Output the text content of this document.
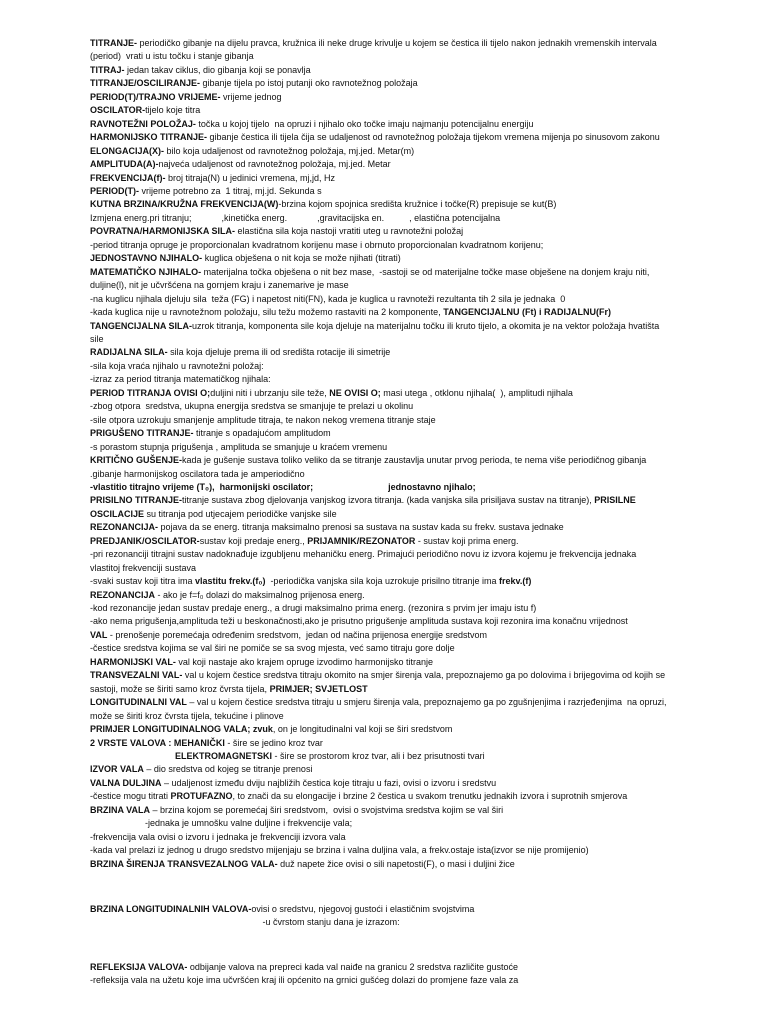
TITRANJE- periodičko gibanje na dijelu pravca, kružnica ili neke druge krivulje u kojem se čestica ili tijelo nakon jednakih vremenskih intervala

(period)  vrati u istu točku i stanje gibanja

TITRAJ- jedan takav ciklus, dio gibanja koji se ponavlja

TITRANJE/OSCILIRANJE- gibanje tijela po istoj putanji oko ravnotežnog položaja

PERIOD(T)/TRAJNO VRIJEME- vrijeme jednog

OSCILATOR-tijelo koje titra

RAVNOTEŽNI POLOŽAJ- točka u kojoj tijelo  na opruzi i njihalo oko točke imaju najmanju potencijalnu energiju

HARMONIJSKO TITRANJE- gibanje čestica ili tijela čija se udaljenost od ravnotežnog položaja tijekom vremena mijenja po sinusovom zakonu

ELONGACIJA(X)- bilo koja udaljenost od ravnotežnog položaja, mj.jed. Metar(m)

AMPLITUDA(A)-najveća udaljenost od ravnotežnog položaja, mj.jed. Metar

FREKVENCIJA(f)- broj titraja(N) u jedinici vremena, mj,jd, Hz

PERIOD(T)- vrijeme potrebno za  1 titraj, mj.jd. Sekunda s

KUTNA BRZINA/KRUŽNA FREKVENCIJA(W)-brzina kojom spojnica središta kružnice i točke(R) prepisuje se kut(B)

Izmjena energ.pri titranju;            ,kinetička energ.            ,gravitacijska en.          , elastična potencijalna

POVRATNA/HARMONIJSKA SILA- elastična sila koja nastoji vratiti uteg u ravnotežni položaj

-period titranja opruge je proporcionalan kvadratnom korijenu mase i obrnuto proporcionalan kvadratnom korijenu;

JEDNOSTAVNO NJIHALO- kuglica obješena o nit koja se može njihati (titrati)

MATEMATIČKO NJIHALO- materijalna točka obješena o nit bez mase,  -sastoji se od materijalne točke mase obješene na donjem kraju niti,

duljine(l), nit je učvršćena na gornjem kraju i zanemarive je mase

-na kuglicu njihala djeluju sila  teža (FG) i napetost niti(FN), kada je kuglica u ravnoteži rezultanta tih 2 sila je jednaka  0

-kada kuglica nije u ravnotežnom položaju, silu težu možemo rastaviti na 2 komponente, TANGENCIJALNU (Ft) i RADIJALNU(Fr)

TANGENCIJALNA SILA-uzrok titranja, komponenta sile koja djeluje na materijalnu točku ili kruto tijelo, a okomita je na vektor položaja hvatišta

sile

RADIJALNA SILA- sila koja djeluje prema ili od središta rotacije ili simetrije

-sila koja vraća njihalo u ravnotežni položaj:

-izraz za period titranja matematičkog njihala:

PERIOD TITRANJA OVISI O;duljini niti i ubrzanju sile teže, NE OVISI O; masi utega , otklonu njihala(  ), amplitudi njihala

-zbog otpora  sredstva, ukupna energija sredstva se smanjuje te prelazi u okolinu

-sile otpora uzrokuju smanjenje amplitude titraja, te nakon nekog vremena titranje staje

PRIGUŠENO TITRANJE- titranje s opadajućom amplitudom

-s porastom stupnja prigušenja , amplituda se smanjuje u kraćem vremenu

KRITIČNO GUŠENJE-kada je gušenje sustava toliko veliko da se titranje zaustavlja unutar prvog perioda, te nema više periodičnog gibanja

.gibanje harmonijskog oscilatora tada je amperiodično

-vlastitio titrajno vrijeme (T₀),  harmonijski oscilator;                              jednostavno njihalo;

PRISILNO TITRANJE-titranje sustava zbog djelovanja vanjskog izvora titranja. (kada vanjska sila prisiljava sustav na titranje), PRISILNE

OSCILACIJE su titranja pod utjecajem periodičke vanjske sile

REZONANCIJA- pojava da se energ. titranja maksimalno prenosi sa sustava na sustav kada su frekv. sustava jednake

PREDJANIK/OSCILATOR-sustav koji predaje energ., PRIJAMNIK/REZONATOR - sustav koji prima energ.

-pri rezonanciji titrajni sustav nadoknađuje izgubljenu mehaničku energ. Primajući periodično novu iz izvora kojemu je frekvencija jednaka

vlastitoj frekvenciji sustava

-svaki sustav koji titra ima vlastitu frekv.(f₀)  -periodička vanjska sila koja uzrokuje prisilno titranje ima frekv.(f)

REZONANCIJA - ako je f=f₀ dolazi do maksimalnog prijenosa energ.

-kod rezonancije jedan sustav predaje energ., a drugi maksimalno prima energ. (rezonira s prvim jer imaju istu f)

-ako nema prigušenja,amplituda teži u beskonačnosti,ako je prisutno prigušenje amplituda sustava koji rezonira ima konačnu vrijednost

VAL - prenošenje poremećaja određenim sredstvom,  jedan od načina prijenosa energije sredstvom

-čestice sredstva kojima se val širi ne pomiče se sa svog mjesta, već samo titraju gore dolje

HARMONIJSKI VAL- val koji nastaje ako krajem opruge izvodimo harmonijsko titranje

TRANSVEZALNI VAL- val u kojem čestice sredstva titraju okomito na smjer širenja vala, prepoznajemo ga po dolovima i brijegovima od kojih se

sastoji, može se širiti samo kroz čvrsta tijela, PRIMJER; SVJETLOST

LONGITUDINALNI VAL – val u kojem čestice sredstva titraju u smjeru širenja vala, prepoznajemo ga po zgušnjenjima i razrjeđenjima  na opruzi,

može se širiti kroz čvrsta tijela, tekućine i plinove

PRIMJER LONGITUDINALNOG VALA; zvuk, on je longitudinalni val koji se širi sredstvom

2 VRSTE VALOVA : MEHANIČKI - šire se jedino kroz tvar

ELEKTROMAGNETSKI - šire se prostorom kroz tvar, ali i bez prisutnosti tvari

IZVOR VALA – dio sredstva od kojeg se titranje prenosi

VALNA DULJINA – udaljenost između dviju najbližih čestica koje titraju u fazi, ovisi o izvoru i sredstvu

-čestice mogu titrati PROTUFAZNO, to znači da su elongacije i brzine 2 čestica u svakom trenutku jednakih izvora i suprotnih smjerova

BRZINA VALA – brzina kojom se poremećaj širi sredstvom,  ovisi o svojstvima sredstva kojim se val širi

-jednaka je umnošku valne duljine i frekvencije vala;

-frekvencija vala ovisi o izvoru i jednaka je frekvenciji izvora vala

-kada val prelazi iz jednog u drugo sredstvo mijenjaju se brzina i valna duljina vala, a frekv.ostaje ista(izvor se nije promijenio)

BRZINA ŠIRENJA TRANSVEZALNOG VALA- duž napete žice ovisi o sili napetosti(F), o masi i duljini žice

BRZINA LONGITUDINALNIH VALOVA-ovisi o sredstvu, njegovoj gustoći i elastičnim svojstvima

-u čvrstom stanju dana je izrazom:

REFLEKSIJA VALOVA- odbijanje valova na prepreci kada val naiđe na granicu 2 sredstva različite gustoće

-refleksija vala na užetu koje ima učvršćen kraj ili općenito na grnici gušćeg dolazi do promjene faze vala za
